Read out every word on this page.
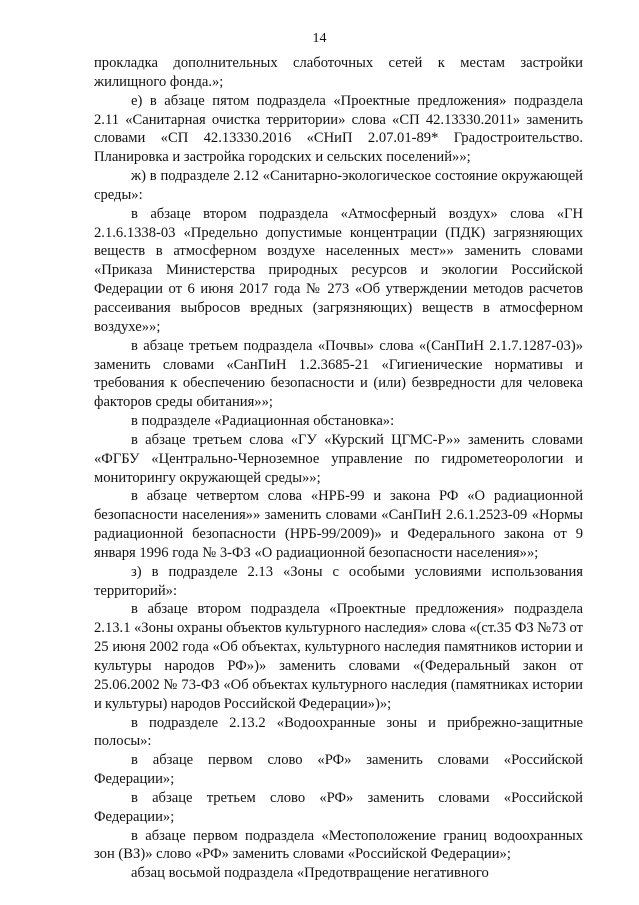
14

прокладка дополнительных слаботочных сетей к местам застройки жилищного фонда.»;

е) в абзаце пятом подраздела «Проектные предложения» подраздела 2.11 «Санитарная очистка территории» слова «СП 42.13330.2011» заменить словами «СП 42.13330.2016 «СНиП 2.07.01-89* Градостроительство. Планировка и застройка городских и сельских поселений»»;

ж) в подразделе 2.12 «Санитарно-экологическое состояние окружающей среды»:

в абзаце втором подраздела «Атмосферный воздух» слова «ГН 2.1.6.1338-03 «Предельно допустимые концентрации (ПДК) загрязняющих веществ в атмосферном воздухе населенных мест»» заменить словами «Приказа Министерства природных ресурсов и экологии Российской Федерации от 6 июня 2017 года № 273 «Об утверждении методов расчетов рассеивания выбросов вредных (загрязняющих) веществ в атмосферном воздухе»»;

в абзаце третьем подраздела «Почвы» слова «(СанПиН 2.1.7.1287-03)» заменить словами «СанПиН 1.2.3685-21 «Гигиенические нормативы и требования к обеспечению безопасности и (или) безвредности для человека факторов среды обитания»»;

в подразделе «Радиационная обстановка»:

в абзаце третьем слова «ГУ «Курский ЦГМС-Р»» заменить словами «ФГБУ «Центрально-Черноземное управление по гидрометеорологии и мониторингу окружающей среды»»;

в абзаце четвертом слова «НРБ-99 и закона РФ «О радиационной безопасности населения»» заменить словами «СанПиН 2.6.1.2523-09 «Нормы радиационной безопасности (НРБ-99/2009)» и Федерального закона от 9 января 1996 года № 3-ФЗ «О радиационной безопасности населения»»;

з) в подразделе 2.13 «Зоны с особыми условиями использования территорий»:

в абзаце втором подраздела «Проектные предложения» подраздела 2.13.1 «Зоны охраны объектов культурного наследия» слова «(ст.35 ФЗ №73 от 25 июня 2002 года «Об объектах, культурного наследия памятников истории и культуры народов РФ»)» заменить словами «(Федеральный закон от 25.06.2002 № 73-ФЗ «Об объектах культурного наследия (памятниках истории и культуры) народов Российской Федерации»)»;

в подразделе 2.13.2 «Водоохранные зоны и прибрежно-защитные полосы»:

в абзаце первом слово «РФ» заменить словами «Российской Федерации»;

в абзаце третьем слово «РФ» заменить словами «Российской Федерации»;

в абзаце первом подраздела «Местоположение границ водоохранных зон (ВЗ)» слово «РФ» заменить словами «Российской Федерации»;

абзац восьмой подраздела «Предотвращение негативного
